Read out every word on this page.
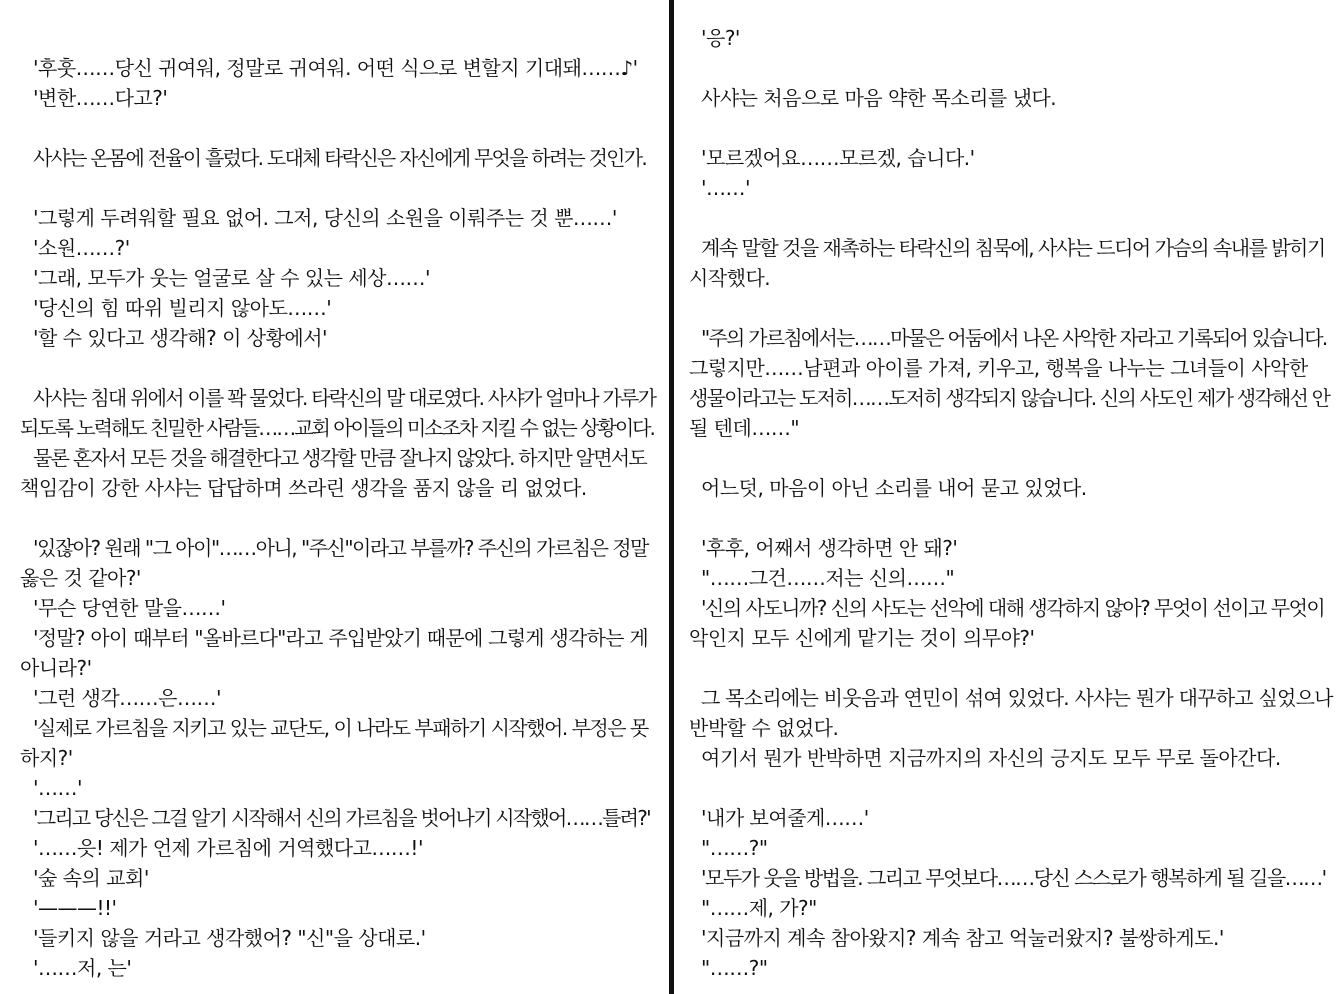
'후훗……당신 귀여워, 정말로 귀여워. 어떤 식으로 변할지 기대돼……♪'
'변한……다고?'
사샤는 온몸에 전율이 흘렀다. 도대체 타락신은 자신에게 무엇을 하려는 것인가.
'그렇게 두려워할 필요 없어. 그저, 당신의 소원을 이뤄주는 것 뿐……'
'소원……?'
'그래, 모두가 웃는 얼굴로 살 수 있는 세상……'
'당신의 힘 따위 빌리지 않아도……'
'할 수 있다고 생각해? 이 상황에서'
사샤는 침대 위에서 이를 꽉 물었다. 타락신의 말 대로였다. 사샤가 얼마나 가루가
되도록 노력해도 친밀한 사람들……교회 아이들의 미소조차 지킬 수 없는 상황이다.
물론 혼자서 모든 것을 해결한다고 생각할 만큼 잘나지 않았다. 하지만 알면서도
책임감이 강한 사샤는 답답하며 쓰라린 생각을 품지 않을 리 없었다.
'있잖아? 원래 "그 아이"……아니, "주신"이라고 부를까? 주신의 가르침은 정말
옳은 것 같아?'
'무슨 당연한 말을……'
'정말? 아이 때부터 "올바르다"라고 주입받았기 때문에 그렇게 생각하는 게
아니라?'
'그런 생각……은……'
'실제로 가르침을 지키고 있는 교단도, 이 나라도 부패하기 시작했어. 부정은 못
하지?'
'……'
'그리고 당신은 그걸 알기 시작해서 신의 가르침을 벗어나기 시작했어……틀려?'
'……읏! 제가 언제 가르침에 거역했다고……!'
'숲 속의 교회'
'———!!'
'들키지 않을 거라고 생각했어? "신"을 상대로.'
'……저, 는'
'응?'
사샤는 처음으로 마음 약한 목소리를 냈다.
'모르겠어요……모르겠, 습니다.'
'……'
계속 말할 것을 재촉하는 타락신의 침묵에, 사샤는 드디어 가슴의 속내를 밝히기
시작했다.
"주의 가르침에서는……마물은 어둠에서 나온 사악한 자라고 기록되어 있습니다.
그렇지만……남편과 아이를 가져, 키우고, 행복을 나누는 그녀들이 사악한
생물이라고는 도저히……도저히 생각되지 않습니다. 신의 사도인 제가 생각해선 안
될 텐데……"
어느덧, 마음이 아닌 소리를 내어 묻고 있었다.
'후후, 어째서 생각하면 안 돼?'
"……그건……저는 신의……"
'신의 사도니까? 신의 사도는 선악에 대해 생각하지 않아? 무엇이 선이고 무엇이
악인지 모두 신에게 맡기는 것이 의무야?'
그 목소리에는 비웃음과 연민이 섞여 있었다. 사샤는 뭔가 대꾸하고 싶었으나
반박할 수 없었다.
여기서 뭔가 반박하면 지금까지의 자신의 긍지도 모두 무로 돌아간다.
'내가 보여줄게……'
"……?"
'모두가 웃을 방법을. 그리고 무엇보다……당신 스스로가 행복하게 될 길을……'
"……제, 가?"
'지금까지 계속 참아왔지? 계속 참고 억눌러왔지? 불쌍하게도.'
"……?"
